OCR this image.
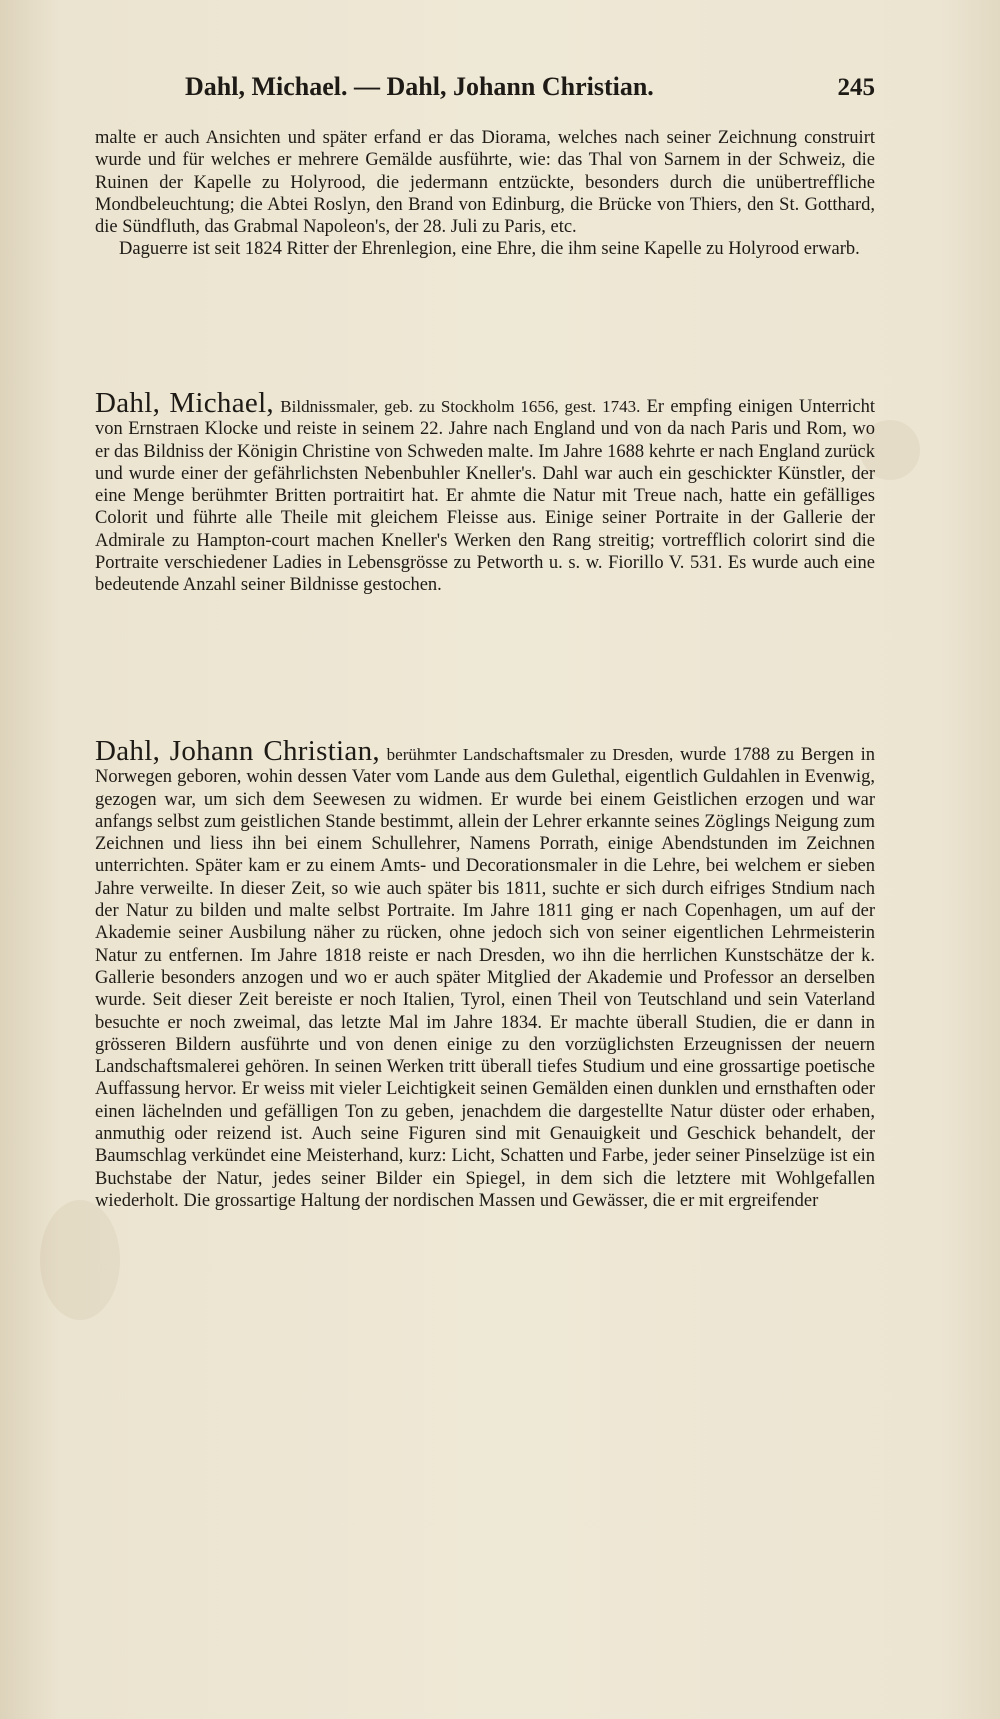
Dahl, Michael. — Dahl, Johann Christian.	245

malte er auch Ansichten und später erfand er das Diorama, welches nach seiner Zeichnung construirt wurde und für welches er mehrere Gemälde ausführte, wie: das Thal von Sarnem in der Schweiz, die Ruinen der Kapelle zu Holyrood, die jedermann entzückte, besonders durch die unübertreffliche Mondbeleuchtung; die Abtei Roslyn, den Brand von Edinburg, die Brücke von Thiers, den St. Gotthard, die Sündfluth, das Grabmal Napoleon's, der 28. Juli zu Paris, etc.

Daguerre ist seit 1824 Ritter der Ehrenlegion, eine Ehre, die ihm seine Kapelle zu Holyrood erwarb.

Dahl, Michael, Bildnissmaler, geb. zu Stockholm 1656, gest. 1743. Er empfing einigen Unterricht von Ernstraen Klocke und reiste in seinem 22. Jahre nach England und von da nach Paris und Rom, wo er das Bildniss der Königin Christine von Schweden malte. Im Jahre 1688 kehrte er nach England zurück und wurde einer der gefährlichsten Nebenbuhler Kneller's. Dahl war auch ein geschickter Künstler, der eine Menge berühmter Britten portraitirt hat. Er ahmte die Natur mit Treue nach, hatte ein gefälliges Colorit und führte alle Theile mit gleichem Fleisse aus. Einige seiner Portraite in der Gallerie der Admirale zu Hampton-court machen Kneller's Werken den Rang streitig; vortrefflich colorirt sind die Portraite verschiedener Ladies in Lebensgrösse zu Petworth u. s. w. Fiorillo V. 531. Es wurde auch eine bedeutende Anzahl seiner Bildnisse gestochen.

Dahl, Johann Christian, berühmter Landschaftsmaler zu Dresden, wurde 1788 zu Bergen in Norwegen geboren, wohin dessen Vater vom Lande aus dem Gulethal, eigentlich Guldahlen in Evenwig, gezogen war, um sich dem Seewesen zu widmen. Er wurde bei einem Geistlichen erzogen und war anfangs selbst zum geistlichen Stande bestimmt, allein der Lehrer erkannte seines Zöglings Neigung zum Zeichnen und liess ihn bei einem Schullehrer, Namens Porrath, einige Abendstunden im Zeichnen unterrichten. Später kam er zu einem Amts- und Decorationsmaler in die Lehre, bei welchem er sieben Jahre verweilte. In dieser Zeit, so wie auch später bis 1811, suchte er sich durch eifriges Stndium nach der Natur zu bilden und malte selbst Portraite. Im Jahre 1811 ging er nach Copenhagen, um auf der Akademie seiner Ausbilung näher zu rücken, ohne jedoch sich von seiner eigentlichen Lehrmeisterin Natur zu entfernen. Im Jahre 1818 reiste er nach Dresden, wo ihn die herrlichen Kunstschätze der k. Gallerie besonders anzogen und wo er auch später Mitglied der Akademie und Professor an derselben wurde. Seit dieser Zeit bereiste er noch Italien, Tyrol, einen Theil von Teutschland und sein Vaterland besuchte er noch zweimal, das letzte Mal im Jahre 1834. Er machte überall Studien, die er dann in grösseren Bildern ausführte und von denen einige zu den vorzüglichsten Erzeugnissen der neuern Landschaftsmalerei gehören. In seinen Werken tritt überall tiefes Studium und eine grossartige poetische Auffassung hervor. Er weiss mit vieler Leichtigkeit seinen Gemälden einen dunklen und ernsthaften oder einen lächelnden und gefälligen Ton zu geben, jenachdem die dargestellte Natur düster oder erhaben, anmuthig oder reizend ist. Auch seine Figuren sind mit Genauigkeit und Geschick behandelt, der Baumschlag verkündet eine Meisterhand, kurz: Licht, Schatten und Farbe, jeder seiner Pinselzüge ist ein Buchstabe der Natur, jedes seiner Bilder ein Spiegel, in dem sich die letztere mit Wohlgefallen wiederholt. Die grossartige Haltung der nordischen Massen und Gewässer, die er mit ergreifender
